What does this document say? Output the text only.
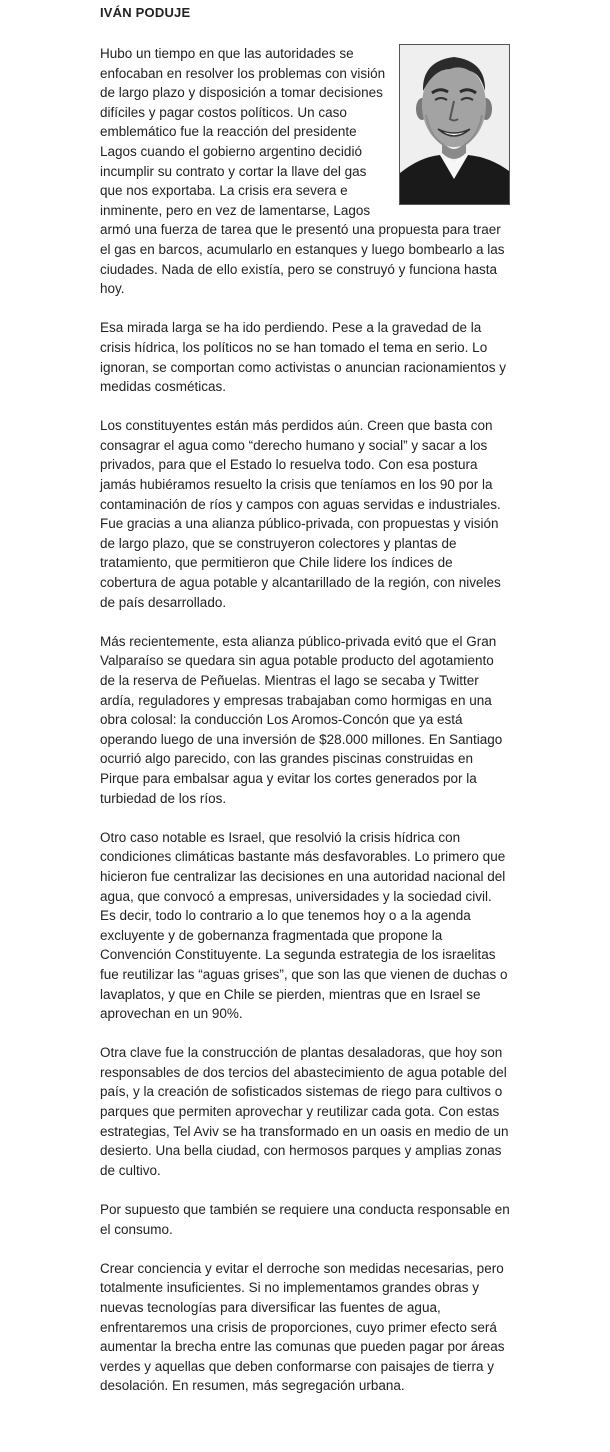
IVÁN PODUJE

Hubo un tiempo en que las autoridades se enfocaban en resolver los problemas con visión de largo plazo y disposición a tomar decisiones difíciles y pagar costos políticos. Un caso emblemático fue la reacción del presidente Lagos cuando el gobierno argentino decidió incumplir su contrato y cortar la llave del gas que nos exportaba. La crisis era severa e inminente, pero en vez de lamentarse, Lagos armó una fuerza de tarea que le presentó una propuesta para traer el gas en barcos, acumularlo en estanques y luego bombearlo a las ciudades. Nada de ello existía, pero se construyó y funciona hasta hoy.

Esa mirada larga se ha ido perdiendo. Pese a la gravedad de la crisis hídrica, los políticos no se han tomado el tema en serio. Lo ignoran, se comportan como activistas o anuncian racionamientos y medidas cosméticas.

Los constituyentes están más perdidos aún. Creen que basta con consagrar el agua como “derecho humano y social” y sacar a los privados, para que el Estado lo resuelva todo. Con esa postura jamás hubiéramos resuelto la crisis que teníamos en los 90 por la contaminación de ríos y campos con aguas servidas e industriales. Fue gracias a una alianza público-privada, con propuestas y visión de largo plazo, que se construyeron colectores y plantas de tratamiento, que permitieron que Chile lidere los índices de cobertura de agua potable y alcantarillado de la región, con niveles de país desarrollado.

Más recientemente, esta alianza público-privada evitó que el Gran Valparaíso se quedara sin agua potable producto del agotamiento de la reserva de Peñuelas. Mientras el lago se secaba y Twitter ardía, reguladores y empresas trabajaban como hormigas en una obra colosal: la conducción Los Aromos-Concón que ya está operando luego de una inversión de $28.000 millones. En Santiago ocurrió algo parecido, con las grandes piscinas construidas en Pirque para embalsar agua y evitar los cortes generados por la turbiedad de los ríos.

Otro caso notable es Israel, que resolvió la crisis hídrica con condiciones climáticas bastante más desfavorables. Lo primero que hicieron fue centralizar las decisiones en una autoridad nacional del agua, que convocó a empresas, universidades y la sociedad civil. Es decir, todo lo contrario a lo que tenemos hoy o a la agenda excluyente y de gobernanza fragmentada que propone la Convención Constituyente. La segunda estrategia de los israelitas fue reutilizar las “aguas grises”, que son las que vienen de duchas o lavaplatos, y que en Chile se pierden, mientras que en Israel se aprovechan en un 90%.

Otra clave fue la construcción de plantas desaladoras, que hoy son responsables de dos tercios del abastecimiento de agua potable del país, y la creación de sofisticados sistemas de riego para cultivos o parques que permiten aprovechar y reutilizar cada gota. Con estas estrategias, Tel Aviv se ha transformado en un oasis en medio de un desierto. Una bella ciudad, con hermosos parques y amplias zonas de cultivo.

Por supuesto que también se requiere una conducta responsable en el consumo.

Crear conciencia y evitar el derroche son medidas necesarias, pero totalmente insuficientes. Si no implementamos grandes obras y nuevas tecnologías para diversificar las fuentes de agua, enfrentaremos una crisis de proporciones, cuyo primer efecto será aumentar la brecha entre las comunas que pueden pagar por áreas verdes y aquellas que deben conformarse con paisajes de tierra y desolación. En resumen, más segregación urbana.
